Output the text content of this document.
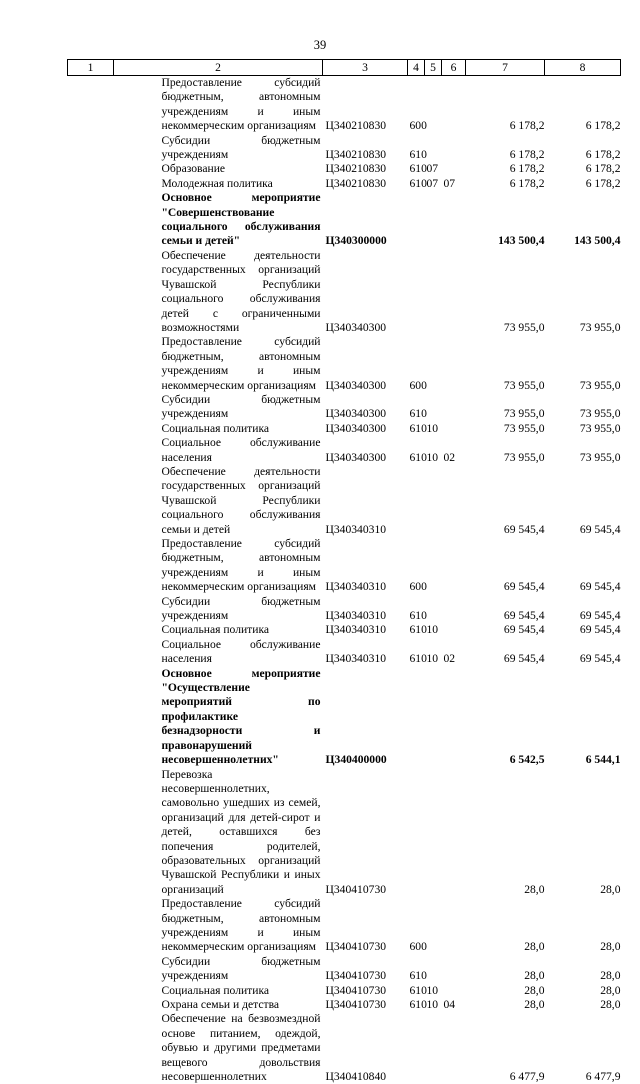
39
1	2	3	4	5	6	7	8
	Предоставление субсидий бюджетным, автономным учреждениям и иным некоммерческим организациям	Ц340210830	600			6 178,2	6 178,2
	Субсидии бюджетным учреждениям	Ц340210830	610			6 178,2	6 178,2
	Образование	Ц340210830	610	07		6 178,2	6 178,2
	Молодежная политика	Ц340210830	610	07	07	6 178,2	6 178,2
	Основное мероприятие "Совершенствование социального обслуживания семьи и детей"	Ц340300000				143 500,4	143 500,4
	Обеспечение деятельности государственных организаций Чувашской Республики социального обслуживания детей с ограниченными возможностями	Ц340340300				73 955,0	73 955,0
	Предоставление субсидий бюджетным, автономным учреждениям и иным некоммерческим организациям	Ц340340300	600			73 955,0	73 955,0
	Субсидии бюджетным учреждениям	Ц340340300	610			73 955,0	73 955,0
	Социальная политика	Ц340340300	610	10		73 955,0	73 955,0
	Социальное обслуживание населения	Ц340340300	610	10	02	73 955,0	73 955,0
	Обеспечение деятельности государственных организаций Чувашской Республики социального обслуживания семьи и детей	Ц340340310				69 545,4	69 545,4
	Предоставление субсидий бюджетным, автономным учреждениям и иным некоммерческим организациям	Ц340340310	600			69 545,4	69 545,4
	Субсидии бюджетным учреждениям	Ц340340310	610			69 545,4	69 545,4
	Социальная политика	Ц340340310	610	10		69 545,4	69 545,4
	Социальное обслуживание населения	Ц340340310	610	10	02	69 545,4	69 545,4
	Основное мероприятие "Осуществление мероприятий по профилактике безнадзорности и правонарушений несовершеннолетних"	Ц340400000				6 542,5	6 544,1
	Перевозка несовершеннолетних, самовольно ушедших из семей, организаций для детей-сирот и детей, оставшихся без попечения родителей, образовательных организаций Чувашской Республики и иных организаций	Ц340410730				28,0	28,0
	Предоставление субсидий бюджетным, автономным учреждениям и иным некоммерческим организациям	Ц340410730	600			28,0	28,0
	Субсидии бюджетным учреждениям	Ц340410730	610			28,0	28,0
	Социальная политика	Ц340410730	610	10		28,0	28,0
	Охрана семьи и детства	Ц340410730	610	10	04	28,0	28,0
	Обеспечение на безвозмездной основе питанием, одеждой, обувью и другими предметами вещевого довольствия несовершеннолетних	Ц340410840				6 477,9	6 477,9
